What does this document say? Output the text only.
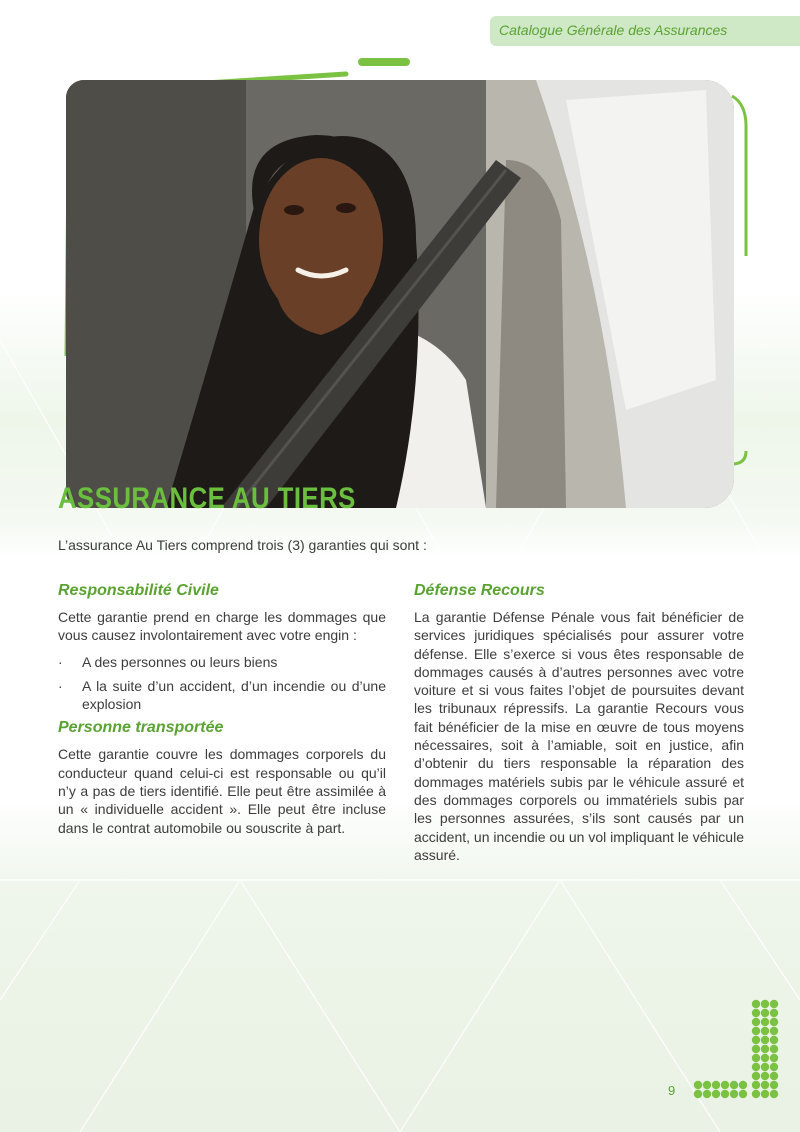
Catalogue Générale des Assurances
ASSURANCE AU TIERS
L’assurance Au Tiers comprend trois (3) garanties qui sont :
Responsabilité Civile
Cette garantie prend en charge les dommages que vous causez involontairement avec votre engin :
· A des personnes ou leurs biens
· A la suite d’un accident, d’un incendie ou d’une explosion
Personne transportée
Cette garantie couvre les dommages corporels du conducteur quand celui-ci est responsable ou qu’il n’y a pas de tiers identifié. Elle peut être assimilée à un « individuelle accident ». Elle peut être incluse dans le contrat automobile ou souscrite à part.
Défense Recours
La garantie Défense Pénale vous fait bénéficier de services juridiques spécialisés pour assurer votre défense. Elle s’exerce si vous êtes responsable de dommages causés à d’autres personnes avec votre voiture et si vous faites l’objet de poursuites devant les tribunaux répressifs. La garantie Recours vous fait bénéficier de la mise en œuvre de tous moyens nécessaires, soit à l’amiable, soit en justice, afin d’obtenir du tiers responsable la réparation des dommages matériels subis par le véhicule assuré et des dommages corporels ou immatériels subis par les personnes assurées, s’ils sont causés par un accident, un incendie ou un vol impliquant le véhicule assuré.
9
